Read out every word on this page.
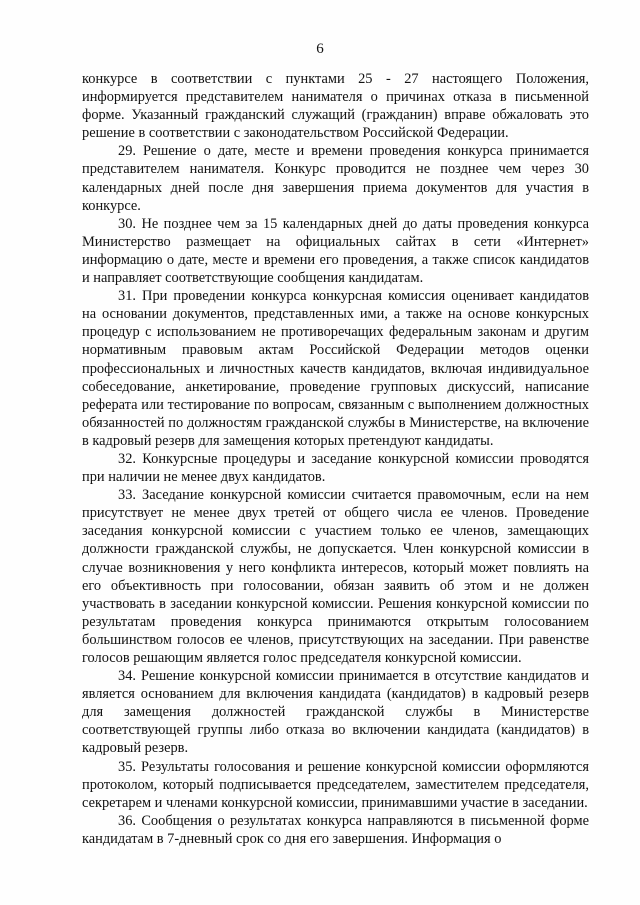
6

конкурсе в соответствии с пунктами 25 - 27 настоящего Положения, информируется представителем нанимателя о причинах отказа в письменной форме. Указанный гражданский служащий (гражданин) вправе обжаловать это решение в соответствии с законодательством Российской Федерации.

29. Решение о дате, месте и времени проведения конкурса принимается представителем нанимателя. Конкурс проводится не позднее чем через 30 календарных дней после дня завершения приема документов для участия в конкурсе.

30. Не позднее чем за 15 календарных дней до даты проведения конкурса Министерство размещает на официальных сайтах в сети «Интернет» информацию о дате, месте и времени его проведения, а также список кандидатов и направляет соответствующие сообщения кандидатам.

31. При проведении конкурса конкурсная комиссия оценивает кандидатов на основании документов, представленных ими, а также на основе конкурсных процедур с использованием не противоречащих федеральным законам и другим нормативным правовым актам Российской Федерации методов оценки профессиональных и личностных качеств кандидатов, включая индивидуальное собеседование, анкетирование, проведение групповых дискуссий, написание реферата или тестирование по вопросам, связанным с выполнением должностных обязанностей по должностям гражданской службы в Министерстве, на включение в кадровый резерв для замещения которых претендуют кандидаты.

32. Конкурсные процедуры и заседание конкурсной комиссии проводятся при наличии не менее двух кандидатов.

33. Заседание конкурсной комиссии считается правомочным, если на нем присутствует не менее двух третей от общего числа ее членов. Проведение заседания конкурсной комиссии с участием только ее членов, замещающих должности гражданской службы, не допускается. Член конкурсной комиссии в случае возникновения у него конфликта интересов, который может повлиять на его объективность при голосовании, обязан заявить об этом и не должен участвовать в заседании конкурсной комиссии. Решения конкурсной комиссии по результатам проведения конкурса принимаются открытым голосованием большинством голосов ее членов, присутствующих на заседании. При равенстве голосов решающим является голос председателя конкурсной комиссии.

34. Решение конкурсной комиссии принимается в отсутствие кандидатов и является основанием для включения кандидата (кандидатов) в кадровый резерв для замещения должностей гражданской службы в Министерстве соответствующей группы либо отказа во включении кандидата (кандидатов) в кадровый резерв.

35. Результаты голосования и решение конкурсной комиссии оформляются протоколом, который подписывается председателем, заместителем председателя, секретарем и членами конкурсной комиссии, принимавшими участие в заседании.

36. Сообщения о результатах конкурса направляются в письменной форме кандидатам в 7-дневный срок со дня его завершения. Информация о
